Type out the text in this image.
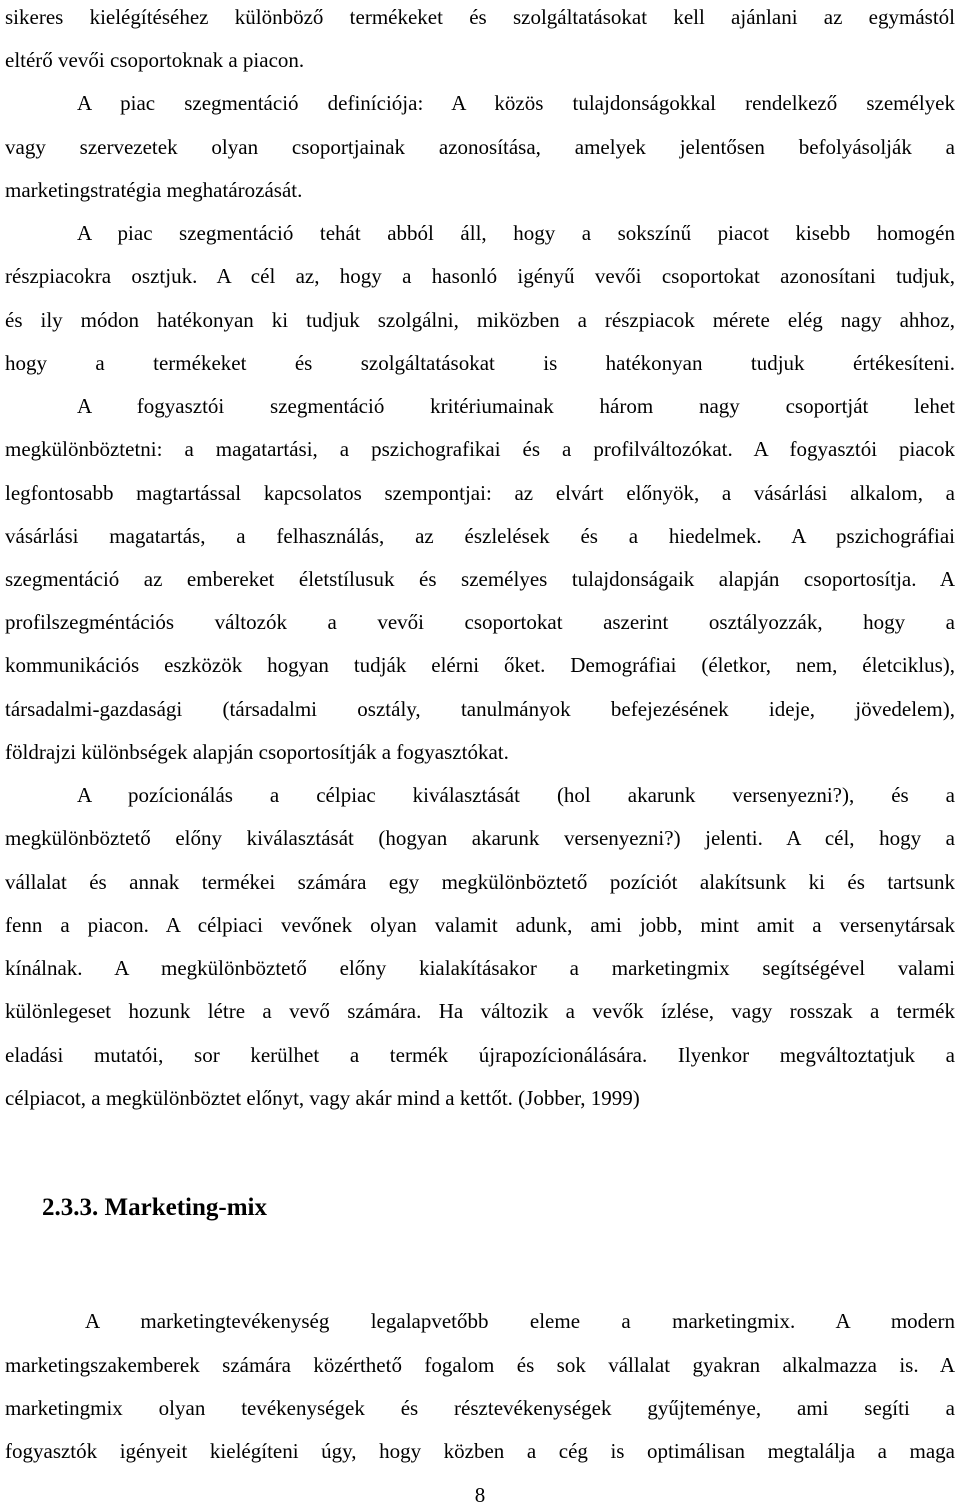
sikeres kielégítéséhez különböző termékeket és szolgáltatásokat kell ajánlani az egymástól
eltérő vevői csoportoknak a piacon.
A piac szegmentáció definíciója: A közös tulajdonságokkal rendelkező személyek
vagy szervezetek olyan csoportjainak azonosítása, amelyek jelentősen befolyásolják a
marketingstratégia meghatározását.
A piac szegmentáció tehát abból áll, hogy a sokszínű piacot kisebb homogén
részpiacokra osztjuk. A cél az, hogy a hasonló igényű vevői csoportokat azonosítani tudjuk,
és ily módon hatékonyan ki tudjuk szolgálni, miközben a részpiacok mérete elég nagy ahhoz,
hogy a termékeket és szolgáltatásokat is hatékonyan tudjuk értékesíteni.
A fogyasztói szegmentáció kritériumainak három nagy csoportját lehet
megkülönböztetni: a magatartási, a pszichografikai és a profilváltozókat. A fogyasztói piacok
legfontosabb magtartással kapcsolatos szempontjai: az elvárt előnyök, a vásárlási alkalom, a
vásárlási magatartás, a felhasználás, az észlelések és a hiedelmek. A pszichográfiai
szegmentáció az embereket életstílusuk és személyes tulajdonságaik alapján csoportosítja. A
profilszegméntációs változók a vevői csoportokat aszerint osztályozzák, hogy a
kommunikációs eszközök hogyan tudják elérni őket. Demográfiai (életkor, nem, életciklus),
társadalmi-gazdasági (társadalmi osztály, tanulmányok befejezésének ideje, jövedelem),
földrajzi különbségek alapján csoportosítják a fogyasztókat.
A pozícionálás a célpiac kiválasztását (hol akarunk versenyezni?), és a
megkülönböztető előny kiválasztását (hogyan akarunk versenyezni?) jelenti. A cél, hogy a
vállalat és annak termékei számára egy megkülönböztető pozíciót alakítsunk ki és tartsunk
fenn a piacon. A célpiaci vevőnek olyan valamit adunk, ami jobb, mint amit a versenytársak
kínálnak. A megkülönböztető előny kialakításakor a marketingmix segítségével valami
különlegeset hozunk létre a vevő számára. Ha változik a vevők ízlése, vagy rosszak a termék
eladási mutatói, sor kerülhet a termék újrapozícionálására. Ilyenkor megváltoztatjuk a
célpiacot, a megkülönböztet előnyt, vagy akár mind a kettőt. (Jobber, 1999)
2.3.3. Marketing-mix
A marketingtevékenység legalapvetőbb eleme a marketingmix. A modern
marketingszakemberek számára közérthető fogalom és sok vállalat gyakran alkalmazza is. A
marketingmix olyan tevékenységek és résztevékenységek gyűjteménye, ami segíti a
fogyasztók igényeit kielégíteni úgy, hogy közben a cég is optimálisan megtalálja a maga
8
